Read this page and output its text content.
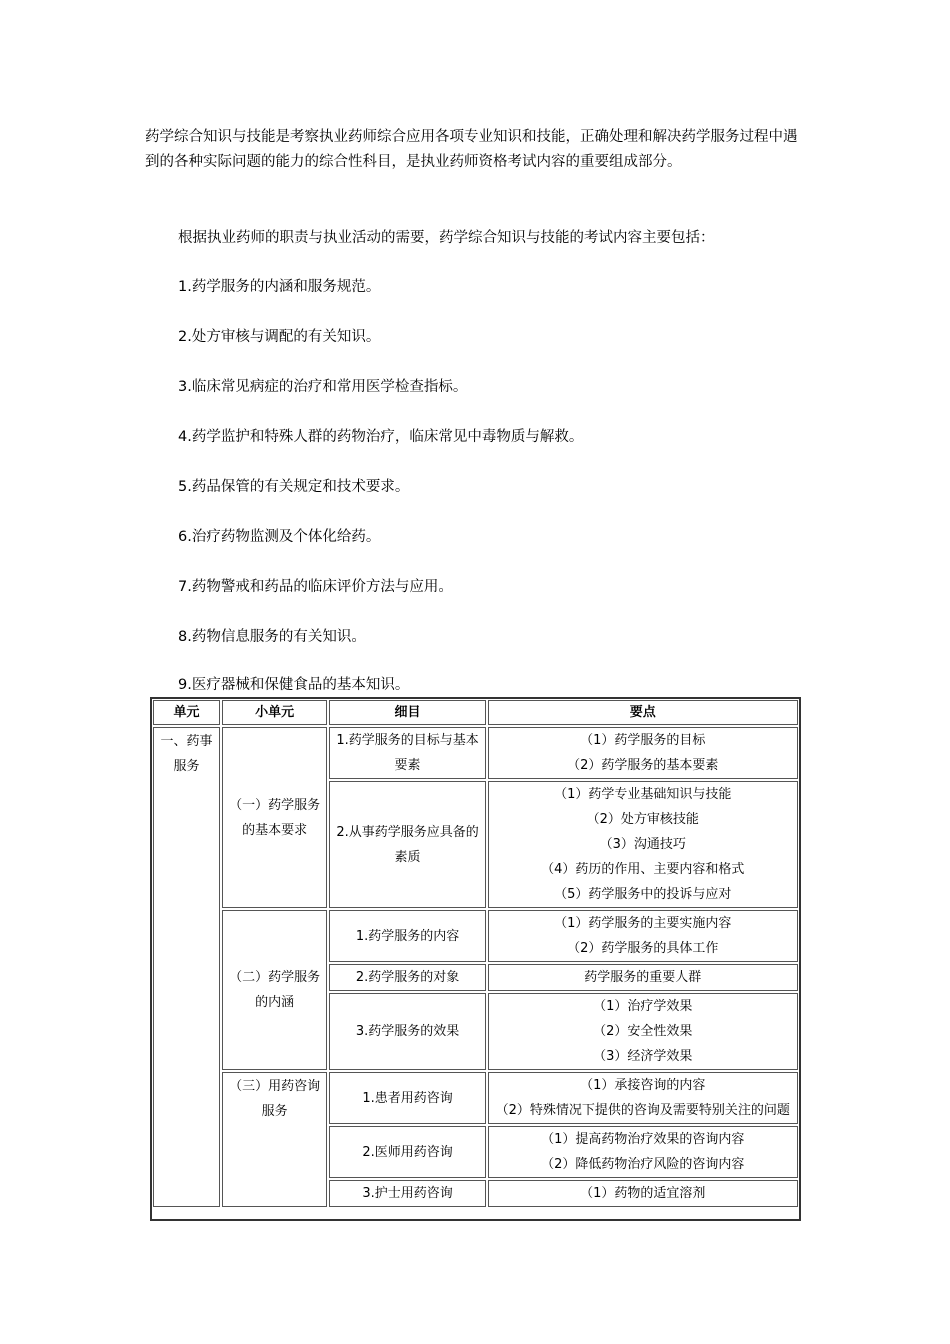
药学综合知识与技能是考察执业药师综合应用各项专业知识和技能，正确处理和解决药学服务过程中遇到的各种实际问题的能力的综合性科目，是执业药师资格考试内容的重要组成部分。

根据执业药师的职责与执业活动的需要，药学综合知识与技能的考试内容主要包括：

1.药学服务的内涵和服务规范。

2.处方审核与调配的有关知识。

3.临床常见病症的治疗和常用医学检查指标。

4.药学监护和特殊人群的药物治疗，临床常见中毒物质与解救。

5.药品保管的有关规定和技术要求。

6.治疗药物监测及个体化给药。

7.药物警戒和药品的临床评价方法与应用。

8.药物信息服务的有关知识。

9.医疗器械和保健食品的基本知识。

单元	小单元	细目	要点
一、药事服务	（一）药学服务的基本要求	1.药学服务的目标与基本要素	（1）药学服务的目标
（2）药学服务的基本要素

		2.从事药学服务应具备的素质	（1）药学专业基础知识与技能
（2）处方审核技能
（3）沟通技巧
（4）药历的作用、主要内容和格式
（5）药学服务中的投诉与应对

	（二）药学服务的内涵	1.药学服务的内容	（1）药学服务的主要实施内容
（2）药学服务的具体工作

		2.药学服务的对象	药学服务的重要人群

		3.药学服务的效果	（1）治疗学效果
（2）安全性效果
（3）经济学效果

	（三）用药咨询服务	1.患者用药咨询	（1）承接咨询的内容
（2）特殊情况下提供的咨询及需要特别关注的问题

		2.医师用药咨询	（1）提高药物治疗效果的咨询内容
（2）降低药物治疗风险的咨询内容

		3.护士用药咨询	（1）药物的适宜溶剂
